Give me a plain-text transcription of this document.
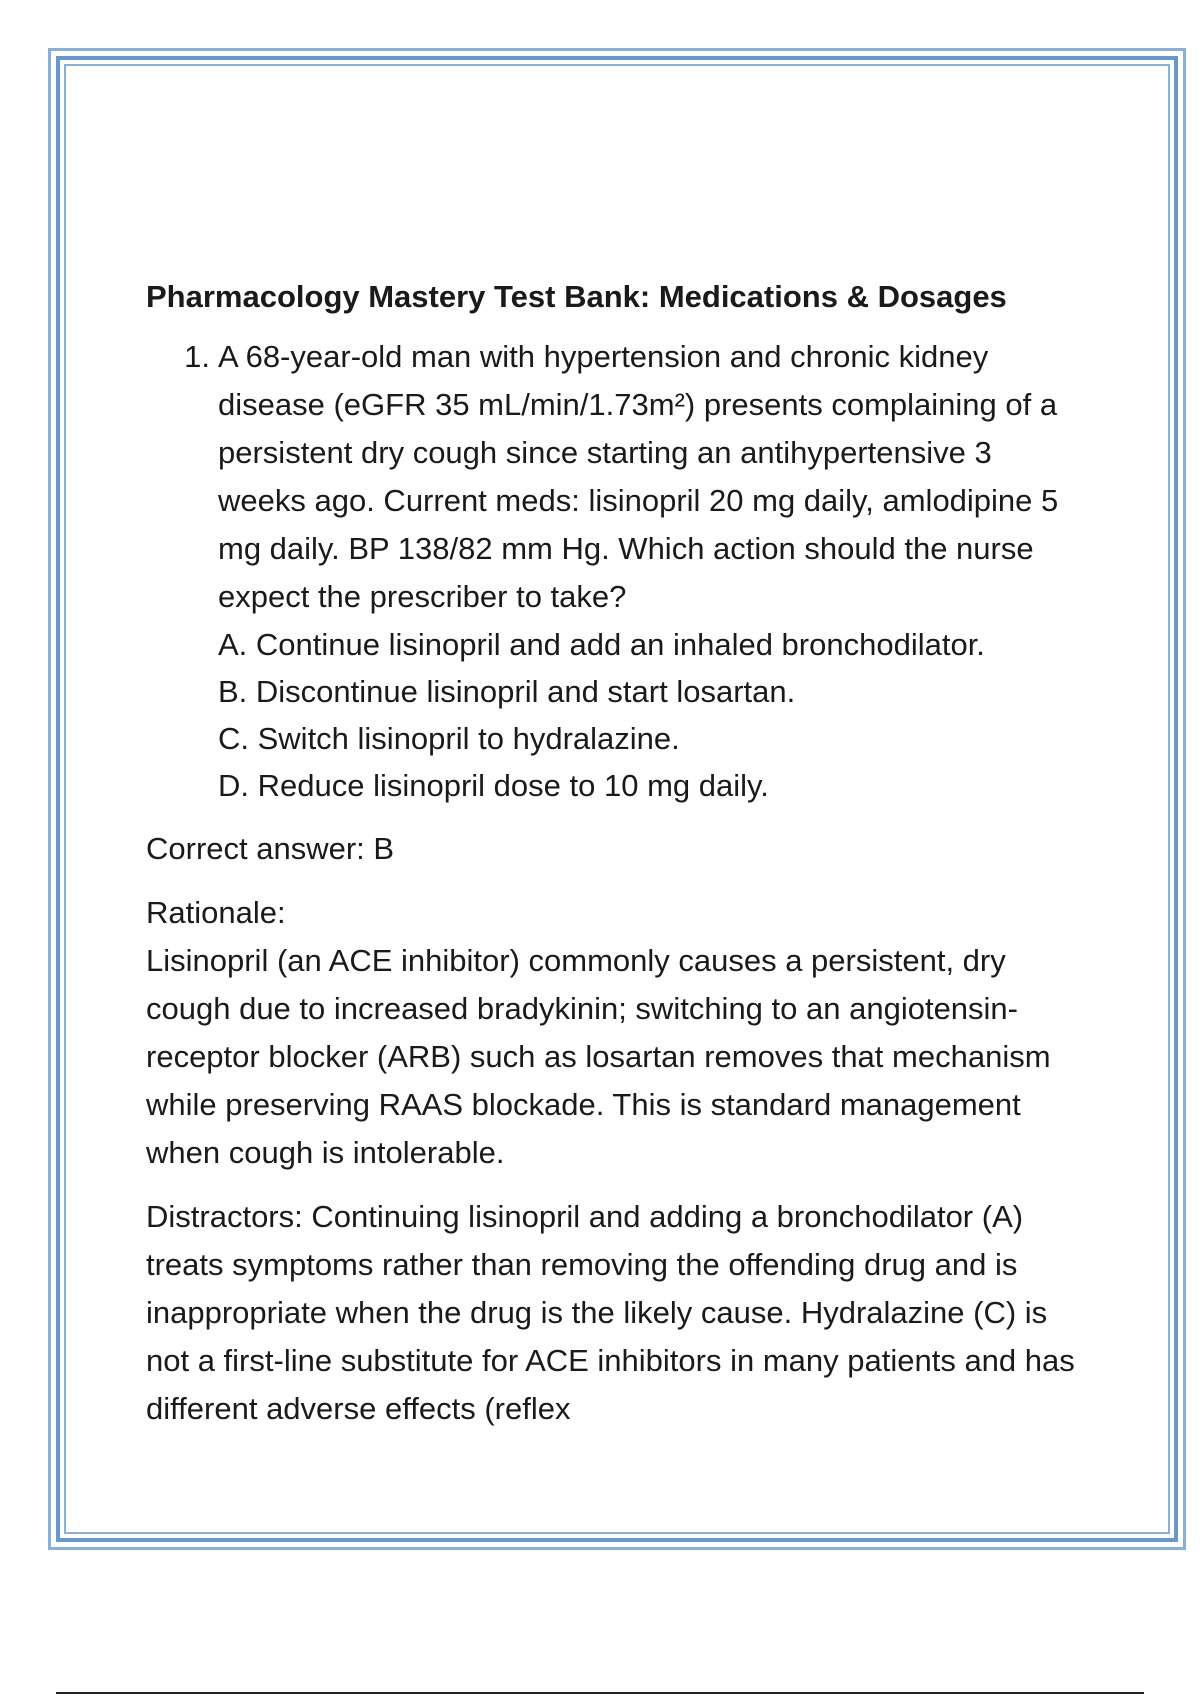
Pharmacology Mastery Test Bank: Medications & Dosages
1. A 68-year-old man with hypertension and chronic kidney disease (eGFR 35 mL/min/1.73m²) presents complaining of a persistent dry cough since starting an antihypertensive 3 weeks ago. Current meds: lisinopril 20 mg daily, amlodipine 5 mg daily. BP 138/82 mm Hg. Which action should the nurse expect the prescriber to take?

A. Continue lisinopril and add an inhaled bronchodilator.
B. Discontinue lisinopril and start losartan.
C. Switch lisinopril to hydralazine.
D. Reduce lisinopril dose to 10 mg daily.

Correct answer: B

Rationale:

Lisinopril (an ACE inhibitor) commonly causes a persistent, dry cough due to increased bradykinin; switching to an angiotensin-receptor blocker (ARB) such as losartan removes that mechanism while preserving RAAS blockade. This is standard management when cough is intolerable.

Distractors: Continuing lisinopril and adding a bronchodilator (A) treats symptoms rather than removing the offending drug and is inappropriate when the drug is the likely cause. Hydralazine (C) is not a first-line substitute for ACE inhibitors in many patients and has different adverse effects (reflex
